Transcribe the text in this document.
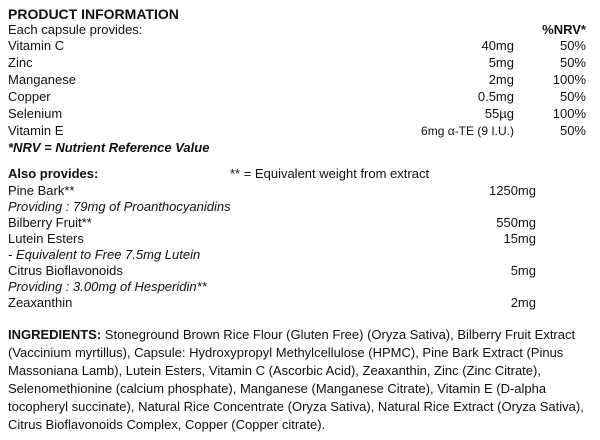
PRODUCT INFORMATION
Each capsule provides:	%NRV*
Vitamin C	40mg	50%
Zinc	5mg	50%
Manganese	2mg	100%
Copper	0.5mg	50%
Selenium	55µg	100%
Vitamin E	6mg α-TE (9 I.U.)	50%
*NRV = Nutrient Reference Value
Also provides:	** = Equivalent weight from extract
Pine Bark**	1250mg
Providing : 79mg of Proanthocyanidins
Bilberry Fruit**	550mg
Lutein Esters	15mg
- Equivalent to Free 7.5mg Lutein
Citrus Bioflavonoids	5mg
Providing : 3.00mg of Hesperidin**
Zeaxanthin	2mg
INGREDIENTS: Stoneground Brown Rice Flour (Gluten Free) (Oryza Sativa), Bilberry Fruit Extract (Vaccinium myrtillus), Capsule: Hydroxypropyl Methylcellulose (HPMC), Pine Bark Extract (Pinus Massoniana Lamb), Lutein Esters, Vitamin C (Ascorbic Acid), Zeaxanthin, Zinc (Zinc Citrate), Selenomethionine (calcium phosphate), Manganese (Manganese Citrate), Vitamin E (D-alpha tocopheryl succinate), Natural Rice Concentrate (Oryza Sativa), Natural Rice Extract (Oryza Sativa), Citrus Bioflavonoids Complex, Copper (Copper citrate).
